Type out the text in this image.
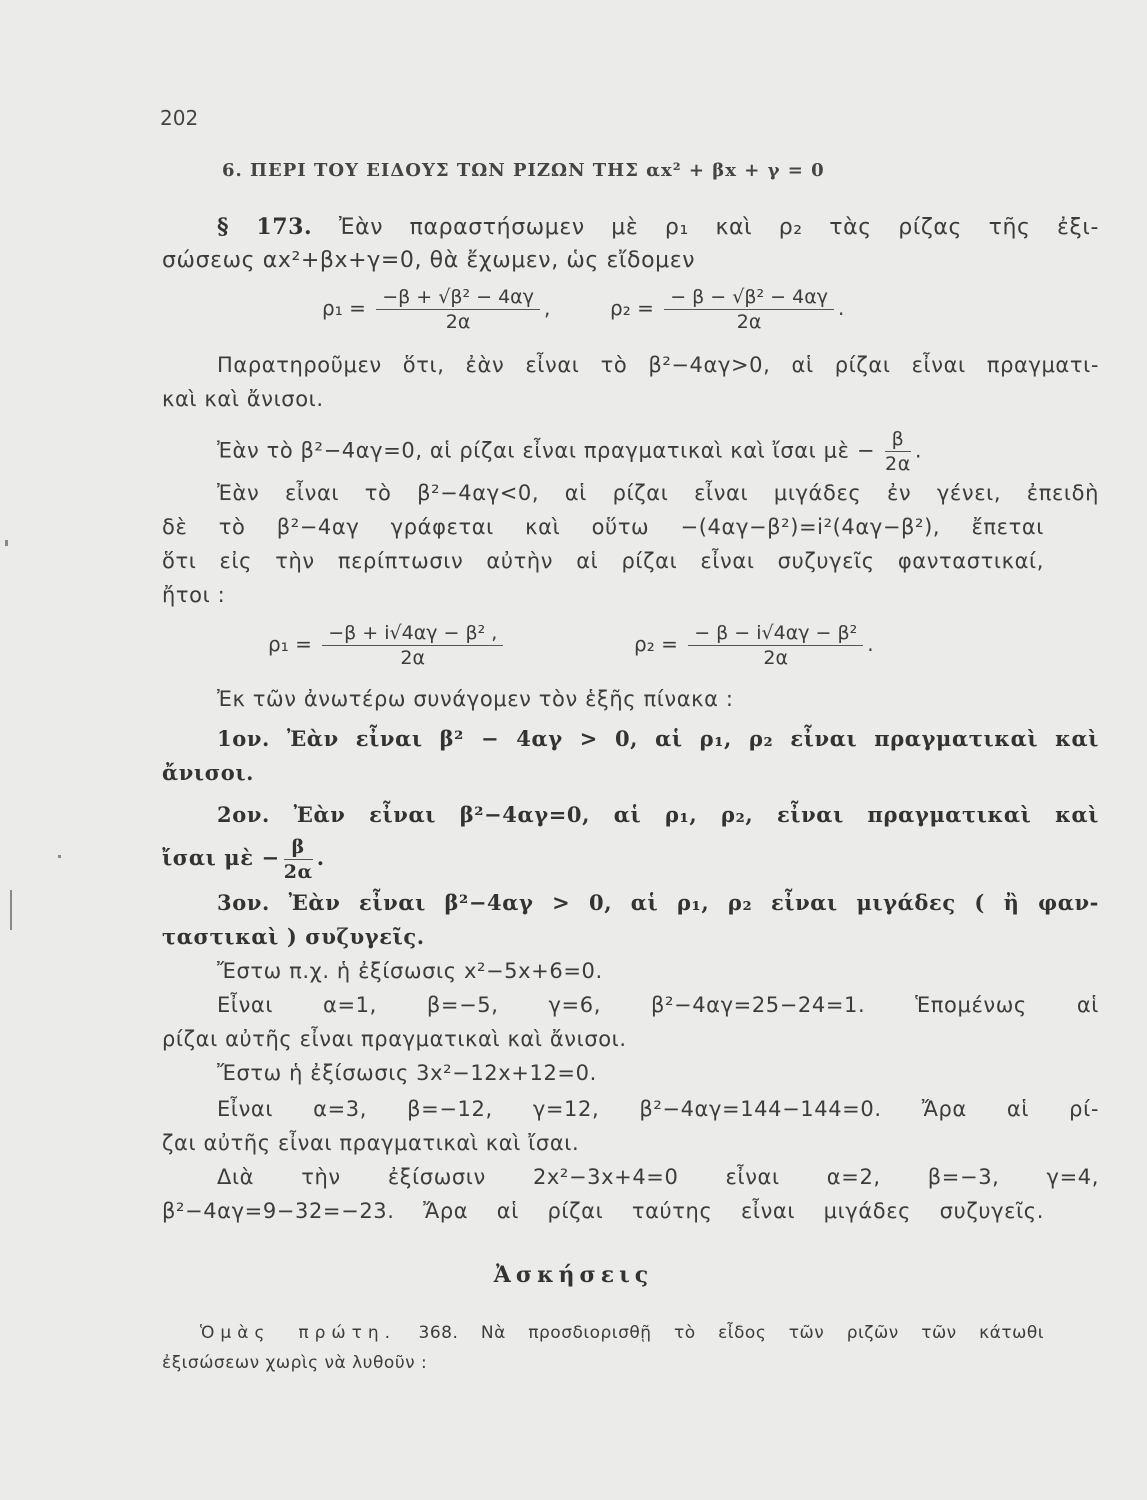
202
6. ΠΕΡΙ ΤΟΥ ΕΙΔΟΥΣ ΤΩΝ ΡΙΖΩΝ ΤΗΣ αx² + βx + γ = 0
§ 173. Ἐὰν παραστήσωμεν μὲ ρ₁ καὶ ρ₂ τὰς ρίζας τῆς ἐξι-
σώσεως αx²+βx+γ=0, θὰ ἔχωμεν, ὡς εἴδομεν
$\rho_1 = \frac{\text{−β + √β² − 4αγ}}{2\alpha}$ ,	$\rho_2 = \frac{\text{− β − √β² − 4αγ}}{2\alpha}$ .
Παρατηροῦμεν ὅτι, ἐὰν εἶναι τὸ β²−4αγ>0, αἱ ρίζαι εἶναι πραγματι-
καὶ καὶ ἄνισοι.
Ἐὰν τὸ β²−4αγ=0, αἱ ρίζαι εἶναι πραγματικαὶ καὶ ἴσαι μὲ − $\frac{\beta}{2\alpha}$ .
Ἐὰν εἶναι τὸ β²−4αγ<0, αἱ ρίζαι εἶναι μιγάδες ἐν γένει, ἐπειδὴ
δὲ τὸ β²−4αγ γράφεται καὶ οὕτω −(4αγ−β²)=i²(4αγ−β²), ἔπεται
ὅτι εἰς τὴν περίπτωσιν αὐτὴν αἱ ρίζαι εἶναι συζυγεῖς φανταστικαί,
ἤτοι :
$\rho_1 = \frac{\text{−β + i√4αγ − β² ,}}{2\alpha}$	$\rho_2 = \frac{\text{− β − i√4αγ − β²}}{2\alpha}$ .
Ἐκ τῶν ἀνωτέρω συνάγομεν τὸν ἑξῆς πίνακα :
1ον. Ἐὰν εἶναι β² − 4αγ > 0, αἱ ρ₁, ρ₂ εἶναι πραγματικαὶ καὶ
ἄνισοι.
2ον. Ἐὰν εἶναι β²−4αγ=0, αἱ ρ₁, ρ₂, εἶναι πραγματικαὶ καὶ
ἴσαι μὲ − $\frac{\beta}{2\alpha}$ .
3ον. Ἐὰν εἶναι β²−4αγ > 0, αἱ ρ₁, ρ₂ εἶναι μιγάδες ( ἢ φαν-
ταστικαὶ ) συζυγεῖς.
Ἔστω π.χ. ἡ ἐξίσωσις x²−5x+6=0.
Εἶναι α=1, β=−5, γ=6, β²−4αγ=25−24=1. Ἑπομένως αἱ
ρίζαι αὐτῆς εἶναι πραγματικαὶ καὶ ἄνισοι.
Ἔστω ἡ ἐξίσωσις 3x²−12x+12=0.
Εἶναι α=3, β=−12, γ=12, β²−4αγ=144−144=0. Ἄρα αἱ ρί-
ζαι αὐτῆς εἶναι πραγματικαὶ καὶ ἴσαι.
Διὰ τὴν ἐξίσωσιν 2x²−3x+4=0 εἶναι α=2, β=−3, γ=4,
β²−4αγ=9−32=−23. Ἄρα αἱ ρίζαι ταύτης εἶναι μιγάδες συζυγεῖς.
Ἀσκήσεις
Ὁμὰς πρώτη. 368. Νὰ προσδιορισθῇ τὸ εἶδος τῶν ριζῶν τῶν κάτωθι
ἐξισώσεων χωρὶς νὰ λυθοῦν :
